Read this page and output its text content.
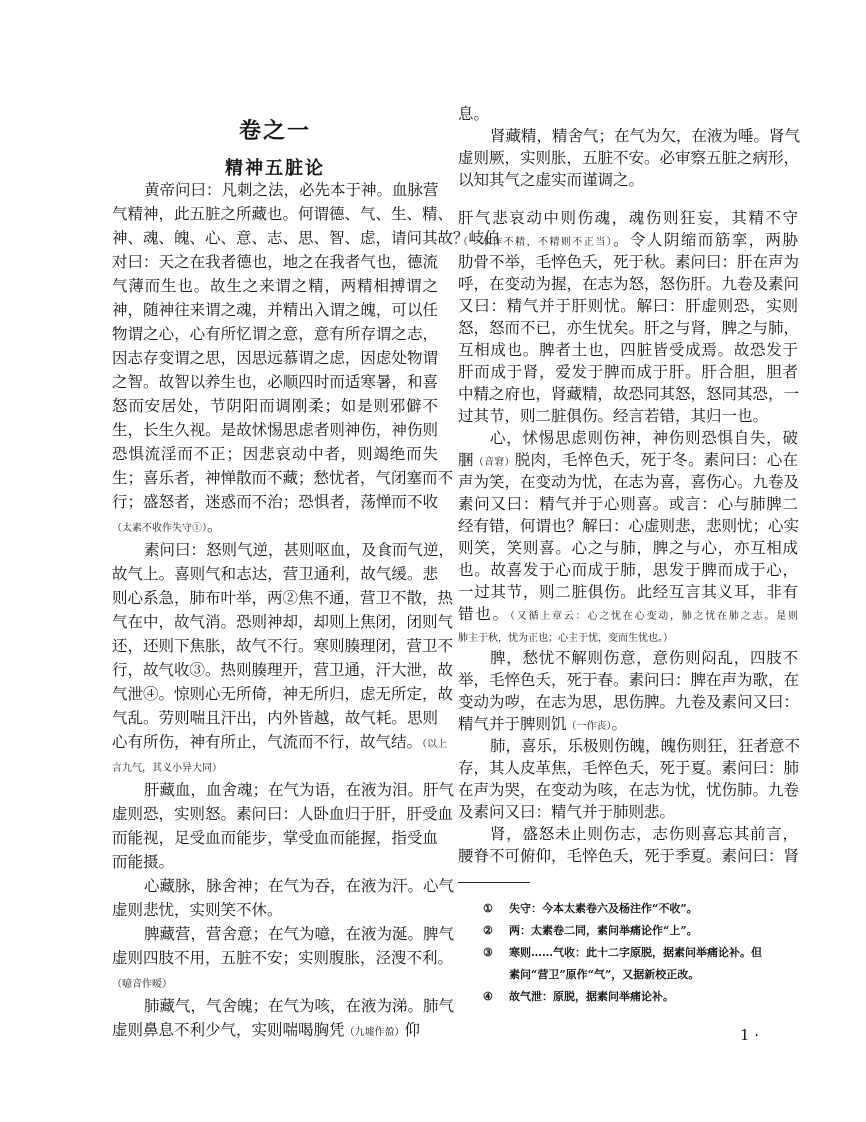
卷之一
精神五脏论
黄帝问曰：凡刺之法，必先本于神。血脉营
气精神，此五脏之所藏也。何谓德、气、生、精、
神、魂、魄、心、意、志、思、智、虑，请问其故？岐伯
对曰：天之在我者德也，地之在我者气也，德流
气薄而生也。故生之来谓之精，两精相搏谓之
神，随神往来谓之魂，并精出入谓之魄，可以任
物谓之心，心有所忆谓之意，意有所存谓之志，
因志存变谓之思，因思远慕谓之虑，因虑处物谓
之智。故智以养生也，必顺四时而适寒暑，和喜
怒而安居处，节阴阳而调刚柔；如是则邪僻不
生，长生久视。是故怵惕思虑者则神伤，神伤则
恐惧流淫而不正；因悲哀动中者，则竭绝而失
生；喜乐者，神惮散而不藏；愁忧者，气闭塞而不
行；盛怒者，迷惑而不治；恐惧者，荡惮而不收
（太素不收作失守①）。
素问曰：怒则气逆，甚则呕血，及食而气逆，
故气上。喜则气和志达，营卫通利，故气缓。悲
则心系急，肺布叶举，两②焦不通，营卫不散，热
气在中，故气消。恐则神却，却则上焦闭，闭则气
还，还则下焦胀，故气不行。寒则腠理闭，营卫不
行，故气收③。热则腠理开，营卫通，汗大泄，故
气泄④。惊则心无所倚，神无所归，虑无所定，故
气乱。劳则喘且汗出，内外皆越，故气耗。思则
心有所伤，神有所止，气流而不行，故气结。（以上
言九气，其义小异大同）
肝藏血，血舍魂；在气为语，在液为泪。肝气
虚则恐，实则怒。素问曰：人卧血归于肝，肝受血
而能视，足受血而能步，掌受血而能握，指受血
而能摄。
心藏脉，脉舍神；在气为吞，在液为汗。心气
虚则悲忧，实则笑不休。
脾藏营，营舍意；在气为噫，在液为涎。脾气
虚则四肢不用，五脏不安；实则腹胀，泾溲不利。
（噫音作嗳）
肺藏气，气舍魄；在气为咳，在液为涕。肺气
虚则鼻息不利少气，实则喘喝胸凭（九墟作盈）仰
息。
肾藏精，精舍气；在气为欠，在液为唾。肾气
虚则厥，实则胀，五脏不安。必审察五脏之病形，
以知其气之虚实而谨调之。
肝气悲哀动中则伤魂，魂伤则狂妄，其精不守
（一本作不精，不精则不正当）。令人阴缩而筋挛，两胁
肋骨不举，毛悴色夭，死于秋。素问曰：肝在声为
呼，在变动为握，在志为怒，怒伤肝。九卷及素问
又曰：精气并于肝则忧。解曰：肝虚则恐，实则
怒，怒而不已，亦生忧矣。肝之与肾，脾之与肺，
互相成也。脾者土也，四脏皆受成焉。故恐发于
肝而成于肾，爱发于脾而成于肝。肝合胆，胆者
中精之府也，肾藏精，故恐同其怒，怒同其恐，一
过其节，则二脏俱伤。经言若错，其归一也。
心，怵惕思虑则伤神，神伤则恐惧自失，破
䐃（音窘）脱肉，毛悴色夭，死于冬。素问曰：心在
声为笑，在变动为忧，在志为喜，喜伤心。九卷及
素问又曰：精气并于心则喜。或言：心与肺脾二
经有错，何谓也？解曰：心虚则悲，悲则忧；心实
则笑，笑则喜。心之与肺，脾之与心，亦互相成
也。故喜发于心而成于肺，思发于脾而成于心，
一过其节，则二脏俱伤。此经互言其义耳，非有
错也。（又循上章云：心之忧在心变动，肺之忧在肺之志。是则
肺主于秋，忧为正也；心主于忧，变而生忧也。）
脾，愁忧不解则伤意，意伤则闷乱，四肢不
举，毛悴色夭，死于春。素问曰：脾在声为歌，在
变动为哕，在志为思，思伤脾。九卷及素问又曰：
精气并于脾则饥（一作丧）。
肺，喜乐，乐极则伤魄，魄伤则狂，狂者意不
存，其人皮革焦，毛悴色夭，死于夏。素问曰：肺
在声为哭，在变动为咳，在志为忧，忧伤肺。九卷
及素问又曰：精气并于肺则悲。
肾，盛怒未止则伤志，志伤则喜忘其前言，
腰脊不可俯仰，毛悴色夭，死于季夏。素问曰：肾
①	失守：今本太素卷六及杨注作“不收”。
②	两：太素卷二同，素问举痛论作“上”。
③	寒则……气收：此十二字原脱，据素问举痛论补。但
素问“营卫”原作“气”，又据新校正改。
④	故气泄：原脱，据素问举痛论补。
1 ·
